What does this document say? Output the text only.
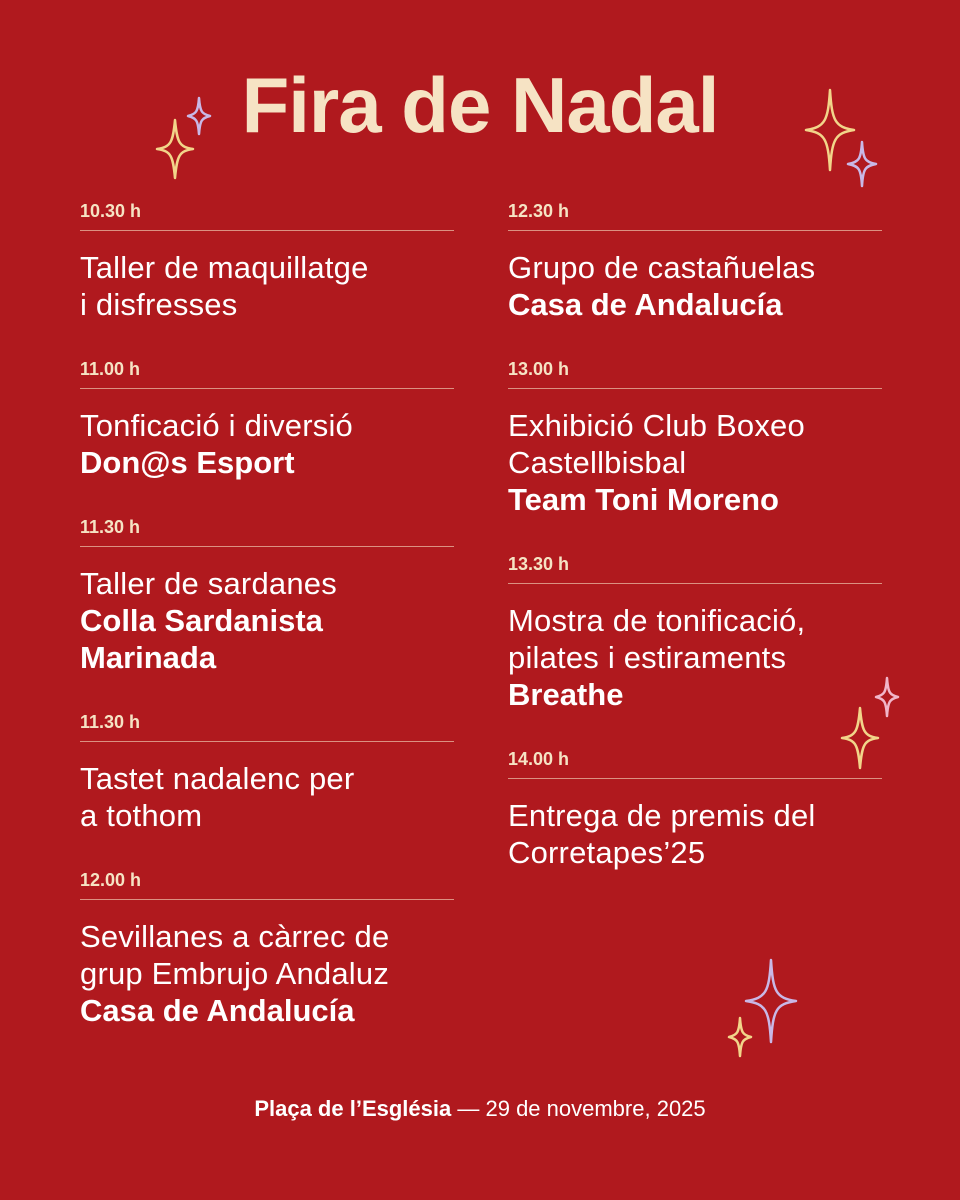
Fira de Nadal
10.30 h
Taller de maquillatge
i disfresses
11.00 h
Tonficació i diversió
Don@s Esport
11.30 h
Taller de sardanes
Colla Sardanista
Marinada
11.30 h
Tastet nadalenc per
a tothom
12.00 h
Sevillanes a càrrec de
grup Embrujo Andaluz
Casa de Andalucía
12.30 h
Grupo de castañuelas
Casa de Andalucía
13.00 h
Exhibició Club Boxeo
Castellbisbal
Team Toni Moreno
13.30 h
Mostra de tonificació,
pilates i estiraments
Breathe
14.00 h
Entrega de premis del
Corretapes’25
Plaça de l’Església — 29 de novembre, 2025
